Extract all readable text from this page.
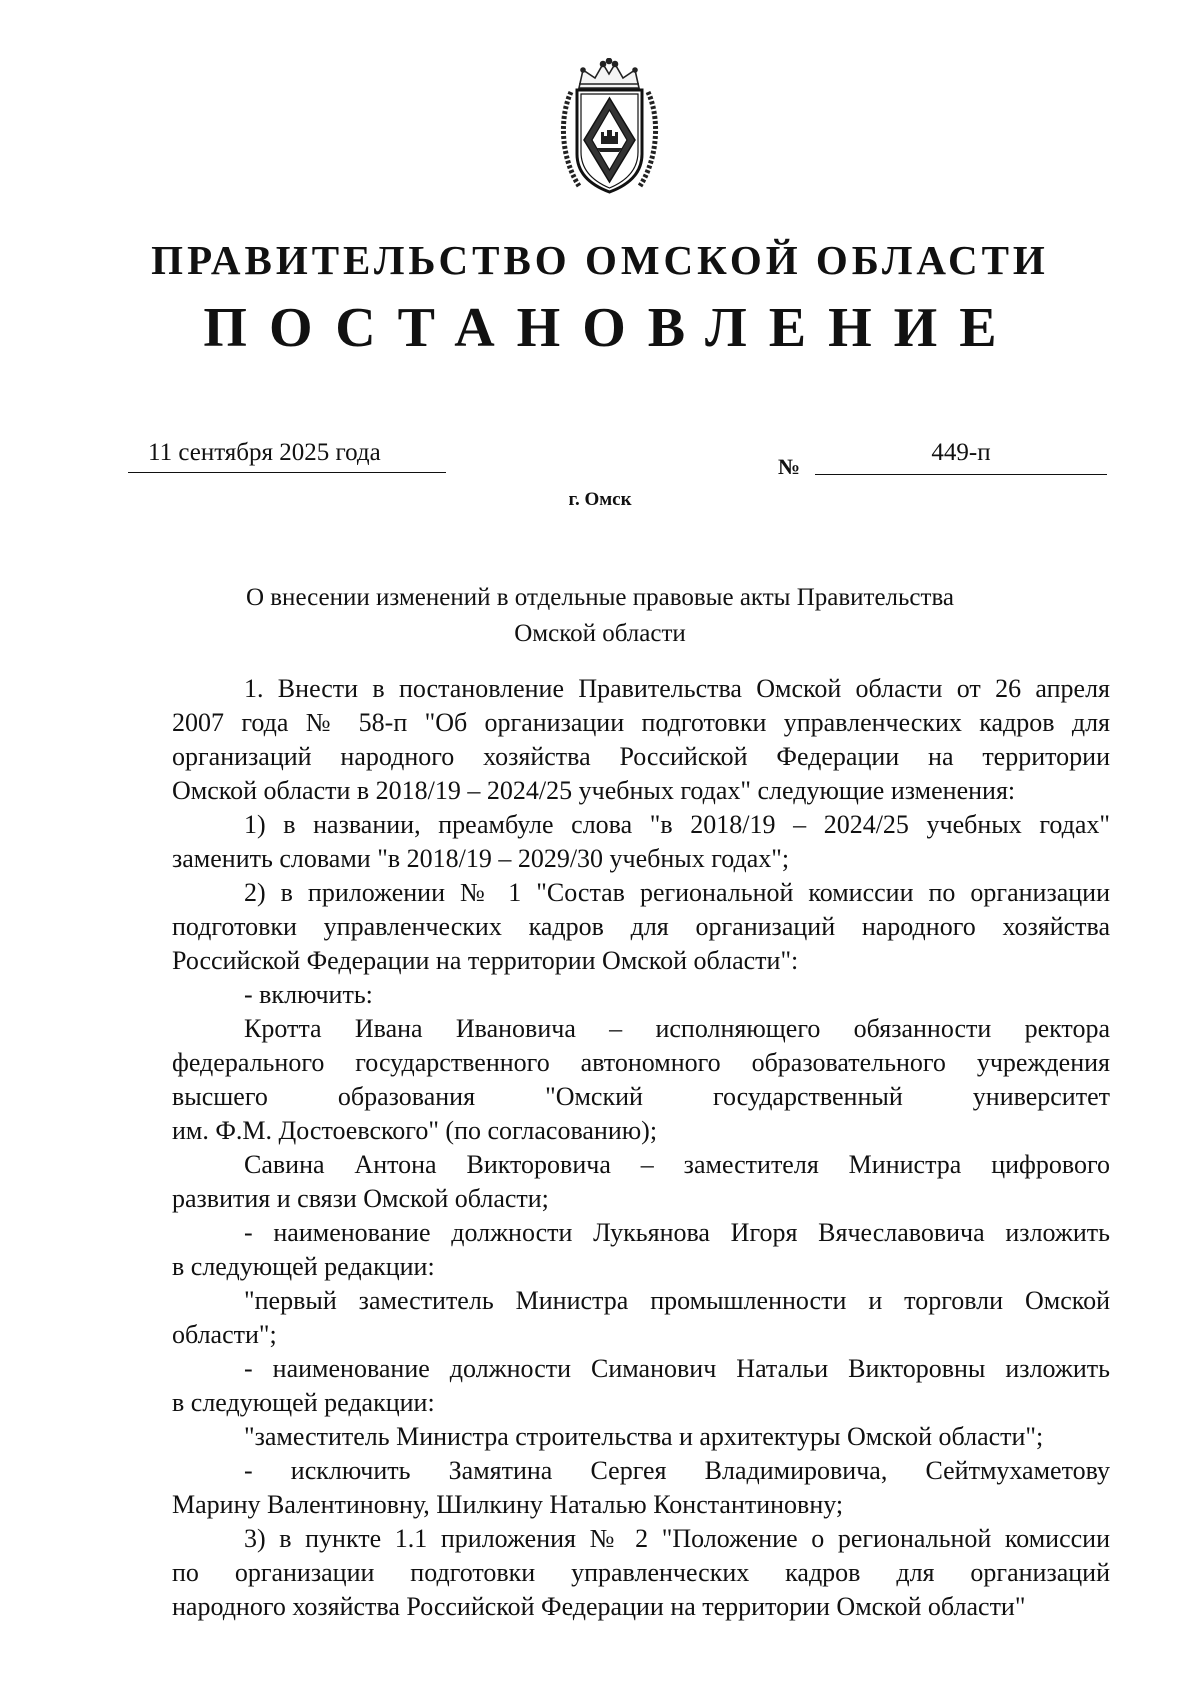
ПРАВИТЕЛЬСТВО ОМСКОЙ ОБЛАСТИ
ПОСТАНОВЛЕНИЕ
11 сентября 2025 года
№
449-п
г. Омск
О внесении изменений в отдельные правовые акты Правительства
Омской области
1. Внести в постановление Правительства Омской области от 26 апреля
2007 года № 58-п "Об организации подготовки управленческих кадров для
организаций народного хозяйства Российской Федерации на территории
Омской области в 2018/19 – 2024/25 учебных годах" следующие изменения:
1) в названии, преамбуле слова "в 2018/19 – 2024/25 учебных годах"
заменить словами "в 2018/19 – 2029/30 учебных годах";
2) в приложении № 1 "Состав региональной комиссии по организации
подготовки управленческих кадров для организаций народного хозяйства
Российской Федерации на территории Омской области":
- включить:
Кротта Ивана Ивановича – исполняющего обязанности ректора
федерального государственного автономного образовательного учреждения
высшего образования "Омский государственный университет
им. Ф.М. Достоевского" (по согласованию);
Савина Антона Викторовича – заместителя Министра цифрового
развития и связи Омской области;
- наименование должности Лукьянова Игоря Вячеславовича изложить
в следующей редакции:
"первый заместитель Министра промышленности и торговли Омской
области";
- наименование должности Симанович Натальи Викторовны изложить
в следующей редакции:
"заместитель Министра строительства и архитектуры Омской области";
- исключить Замятина Сергея Владимировича, Сейтмухаметову
Марину Валентиновну, Шилкину Наталью Константиновну;
3) в пункте 1.1 приложения № 2 "Положение о региональной комиссии
по организации подготовки управленческих кадров для организаций
народного хозяйства Российской Федерации на территории Омской области"
